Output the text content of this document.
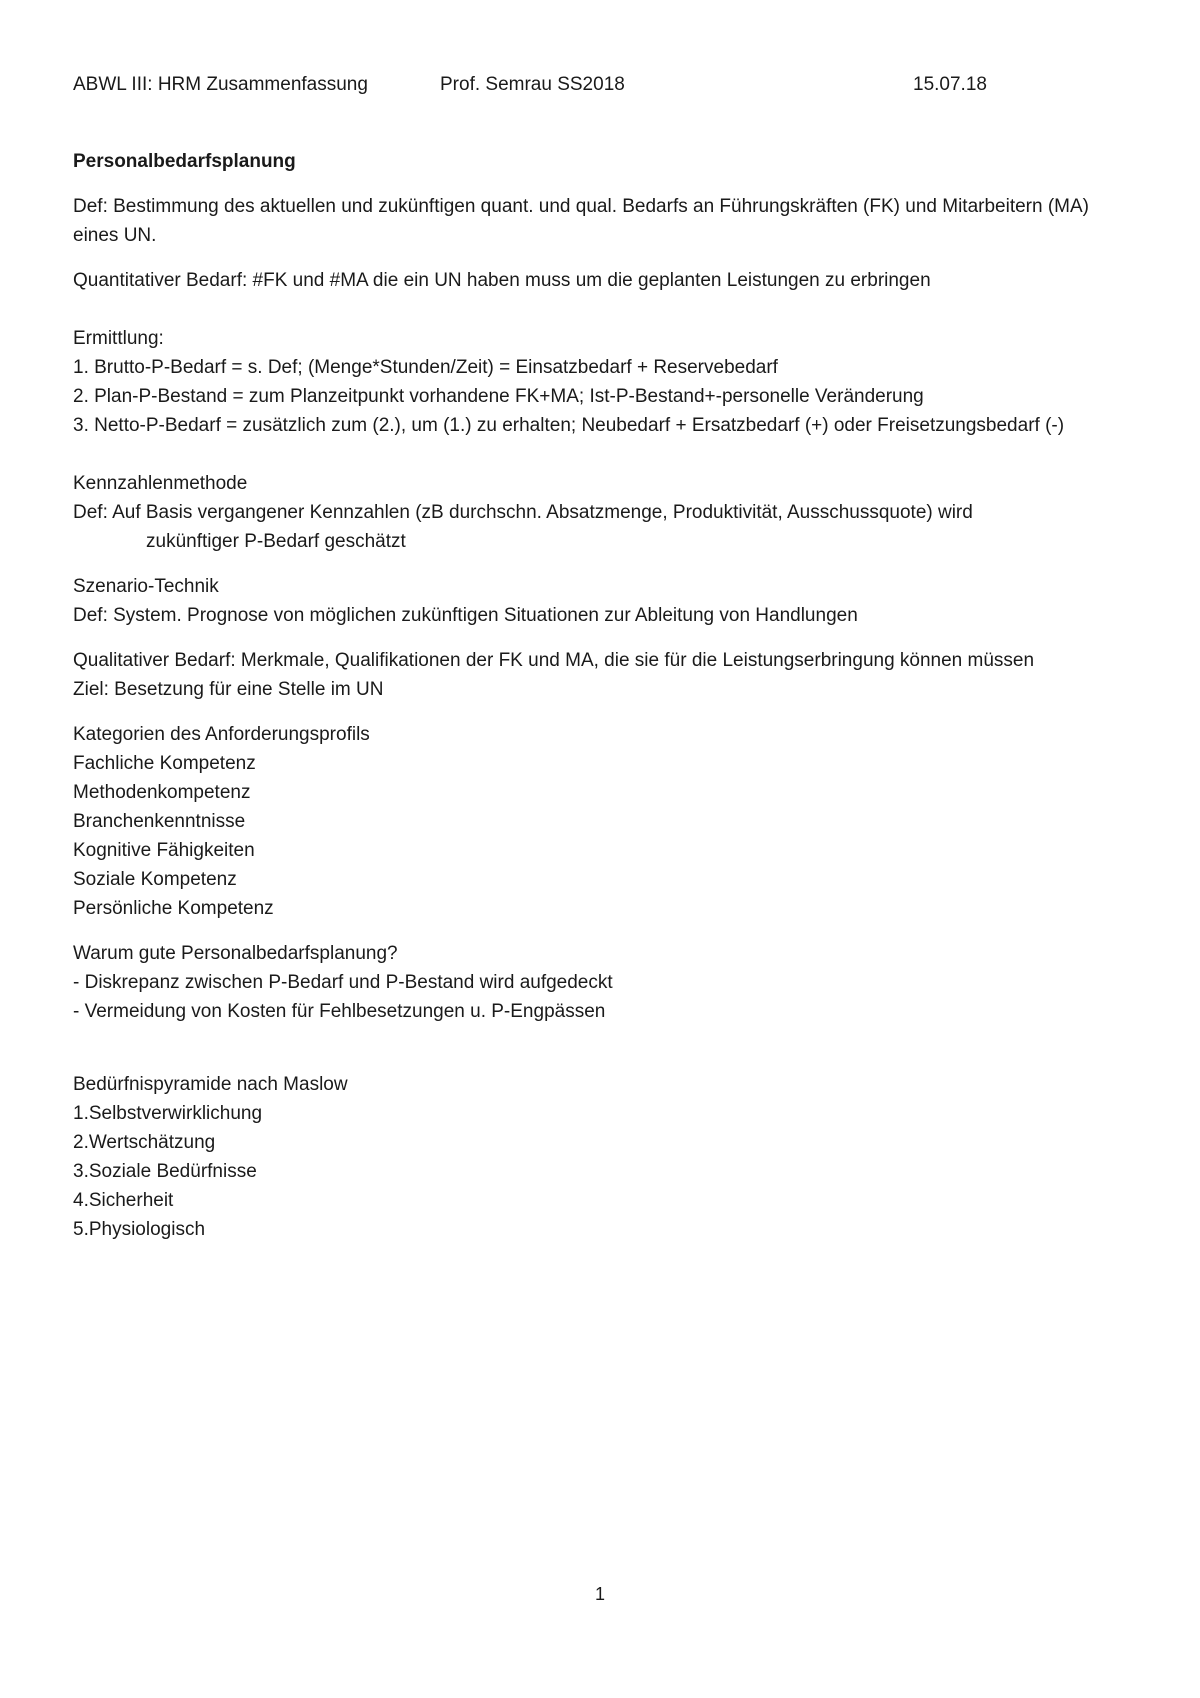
ABWL III: HRM Zusammenfassung	Prof. Semrau SS2018	15.07.18

Personalbedarfsplanung

Def: Bestimmung des aktuellen und zukünftigen quant. und qual. Bedarfs an Führungskräften (FK) und Mitarbeitern (MA) eines UN.

Quantitativer Bedarf: #FK und #MA die ein UN haben muss um die geplanten Leistungen zu erbringen

Ermittlung:

1. Brutto-P-Bedarf = s. Def; (Menge*Stunden/Zeit) = Einsatzbedarf + Reservebedarf

2. Plan-P-Bestand = zum Planzeitpunkt vorhandene FK+MA; Ist-P-Bestand+-personelle Veränderung

3. Netto-P-Bedarf = zusätzlich zum (2.), um (1.) zu erhalten; Neubedarf + Ersatzbedarf (+) oder Freisetzungsbedarf (-)

Kennzahlenmethode

Def: Auf Basis vergangener Kennzahlen (zB durchschn. Absatzmenge, Produktivität, Ausschussquote) wird

zukünftiger P-Bedarf geschätzt

Szenario-Technik

Def: System. Prognose von möglichen zukünftigen Situationen zur Ableitung von Handlungen

Qualitativer Bedarf: Merkmale, Qualifikationen der FK und MA, die sie für die Leistungserbringung können müssen

Ziel: Besetzung für eine Stelle im UN

Kategorien des Anforderungsprofils

Fachliche Kompetenz

Methodenkompetenz

Branchenkenntnisse

Kognitive Fähigkeiten

Soziale Kompetenz

Persönliche Kompetenz

Warum gute Personalbedarfsplanung?

- Diskrepanz zwischen P-Bedarf und P-Bestand wird aufgedeckt

- Vermeidung von Kosten für Fehlbesetzungen u. P-Engpässen

Bedürfnispyramide nach Maslow

1.Selbstverwirklichung

2.Wertschätzung

3.Soziale Bedürfnisse

4.Sicherheit

5.Physiologisch

1
